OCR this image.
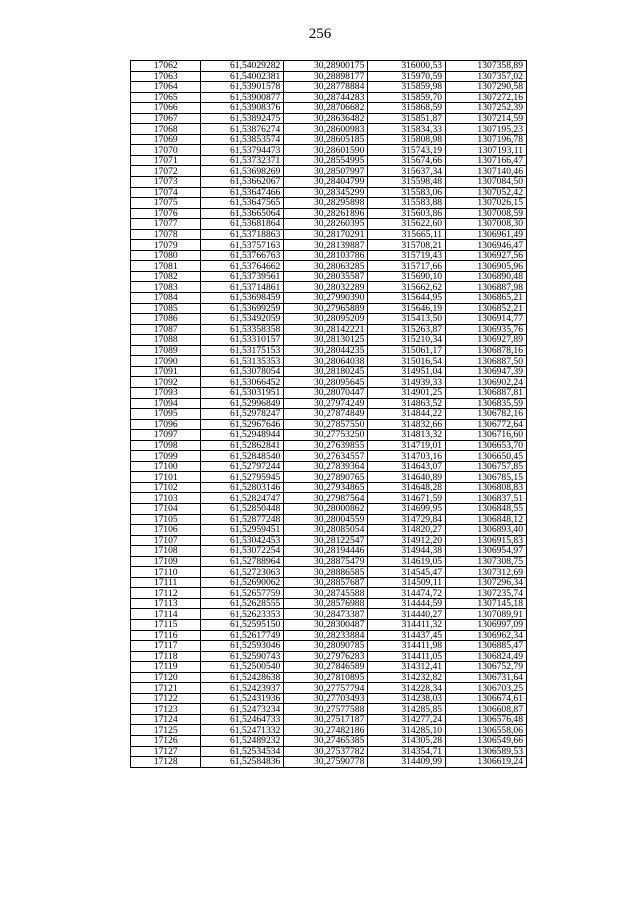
256
17062	61,54029282	30,28900175	316000,53	1307358,89
17063	61,54002381	30,28898177	315970,59	1307357,02
17064	61,53901578	30,28778884	315859,98	1307290,58
17065	61,53900877	30,28744283	315859,70	1307272,16
17066	61,53908376	30,28706682	315868,59	1307252,39
17067	61,53892475	30,28636482	315851,87	1307214,59
17068	61,53876274	30,28600983	315834,33	1307195,23
17069	61,53853574	30,28605185	315808,98	1307196,78
17070	61,53794473	30,28601590	315743,19	1307193,11
17071	61,53732371	30,28554995	315674,66	1307166,47
17072	61,53698269	30,28507997	315637,34	1307140,46
17073	61,53662067	30,28404799	315598,48	1307084,50
17074	61,53647466	30,28345299	315583,06	1307052,42
17075	61,53647565	30,28295898	315583,88	1307026,15
17076	61,53665064	30,28261896	315603,86	1307008,59
17077	61,53681864	30,28260395	315622,60	1307008,30
17078	61,53718863	30,28170291	315665,11	1306961,49
17079	61,53757163	30,28139887	315708,21	1306946,47
17080	61,53766763	30,28103786	315719,43	1306927,56
17081	61,53764662	30,28063285	315717,66	1306905,96
17082	61,53739561	30,28035587	315690,10	1306890,48
17083	61,53714861	30,28032289	315662,62	1306887,98
17084	61,53698459	30,27990390	315644,95	1306865,21
17085	61,53699259	30,27965889	315646,19	1306852,21
17086	61,53492059	30,28095209	315413,50	1306914,77
17087	61,53358358	30,28142221	315263,87	1306935,76
17088	61,53310157	30,28130125	315210,34	1306927,89
17089	61,53175153	30,28044235	315061,17	1306878,16
17090	61,53135353	30,28064038	315016,54	1306887,50
17091	61,53078054	30,28180245	314951,04	1306947,39
17092	61,53066452	30,28095645	314939,33	1306902,24
17093	61,53031951	30,28070447	314901,25	1306887,81
17094	61,52996849	30,27974249	314863,52	1306835,59
17095	61,52978247	30,27874849	314844,22	1306782,16
17096	61,52967646	30,27857550	314832,66	1306772,64
17097	61,52948944	30,27753250	314813,32	1306716,60
17098	61,52862841	30,27639855	314719,01	1306653,70
17099	61,52848540	30,27634557	314703,16	1306650,45
17100	61,52797244	30,27839364	314643,07	1306757,85
17101	61,52795945	30,27890765	314640,89	1306785,15
17102	61,52803146	30,27934865	314648,28	1306808,83
17103	61,52824747	30,27987564	314671,59	1306837,51
17104	61,52850448	30,28000862	314699,95	1306848,55
17105	61,52877248	30,28004559	314729,84	1306848,12
17106	61,52959451	30,28085054	314820,27	1306893,40
17107	61,53042453	30,28122547	314912,20	1306915,83
17108	61,53072254	30,28194446	314944,38	1306954,97
17109	61,52788964	30,28875479	314619,05	1307308,75
17110	61,52723063	30,28886585	314545,47	1307312,69
17111	61,52690062	30,28857687	314509,11	1307296,34
17112	61,52657759	30,28745588	314474,72	1307235,74
17113	61,52628555	30,28576988	314444,59	1307145,18
17114	61,52623353	30,28473387	314440,27	1307089,91
17115	61,52595150	30,28300487	314411,32	1306997,09
17116	61,52617749	30,28233884	314437,45	1306962,34
17117	61,52593046	30,28090785	314411,98	1306885,47
17118	61,52590743	30,27976283	314411,05	1306824,49
17119	61,52500540	30,27846589	314312,41	1306752,79
17120	61,52428638	30,27810895	314232,82	1306731,64
17121	61,52423937	30,27757794	314228,34	1306703,25
17122	61,52431936	30,27703493	314238,03	1306674,61
17123	61,52473234	30,27577588	314285,85	1306608,87
17124	61,52464733	30,27517187	314277,24	1306576,48
17125	61,52471332	30,27482186	314285,10	1306558,06
17126	61,52489232	30,27465385	314305,28	1306549,66
17127	61,52534534	30,27537782	314354,71	1306589,53
17128	61,52584836	30,27590778	314409,99	1306619,24
